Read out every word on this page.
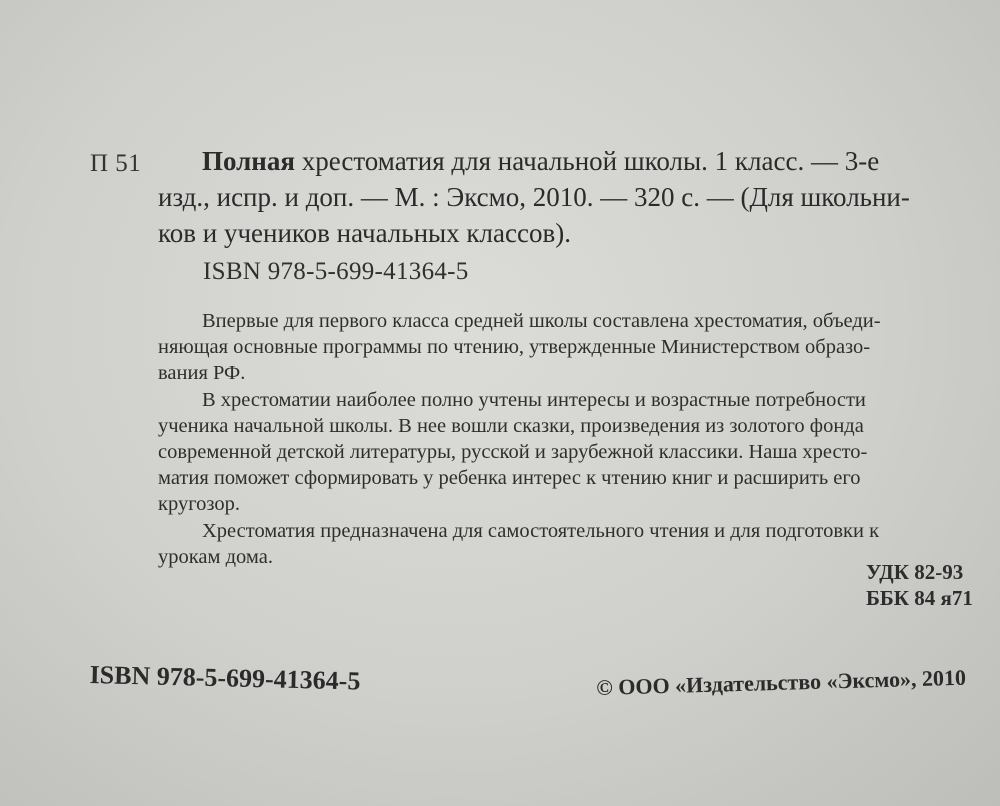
П 51	Полная хрестоматия для начальной школы. 1 класс. — 3-е
изд., испр. и доп. — М. : Эксмо, 2010. — 320 с. — (Для школьни-
ков и учеников начальных классов).
ISBN 978-5-699-41364-5
Впервые для первого класса средней школы составлена хрестоматия, объеди-
няющая основные программы по чтению, утвержденные Министерством образо-
вания РФ.
В хрестоматии наиболее полно учтены интересы и возрастные потребности
ученика начальной школы. В нее вошли сказки, произведения из золотого фонда
современной детской литературы, русской и зарубежной классики. Наша хресто-
матия поможет сформировать у ребенка интерес к чтению книг и расширить его
кругозор.
Хрестоматия предназначена для самостоятельного чтения и для подготовки к
урокам дома.
УДК 82-93
ББК 84 я71
ISBN 978-5-699-41364-5	© ООО «Издательство «Эксмо», 2010
